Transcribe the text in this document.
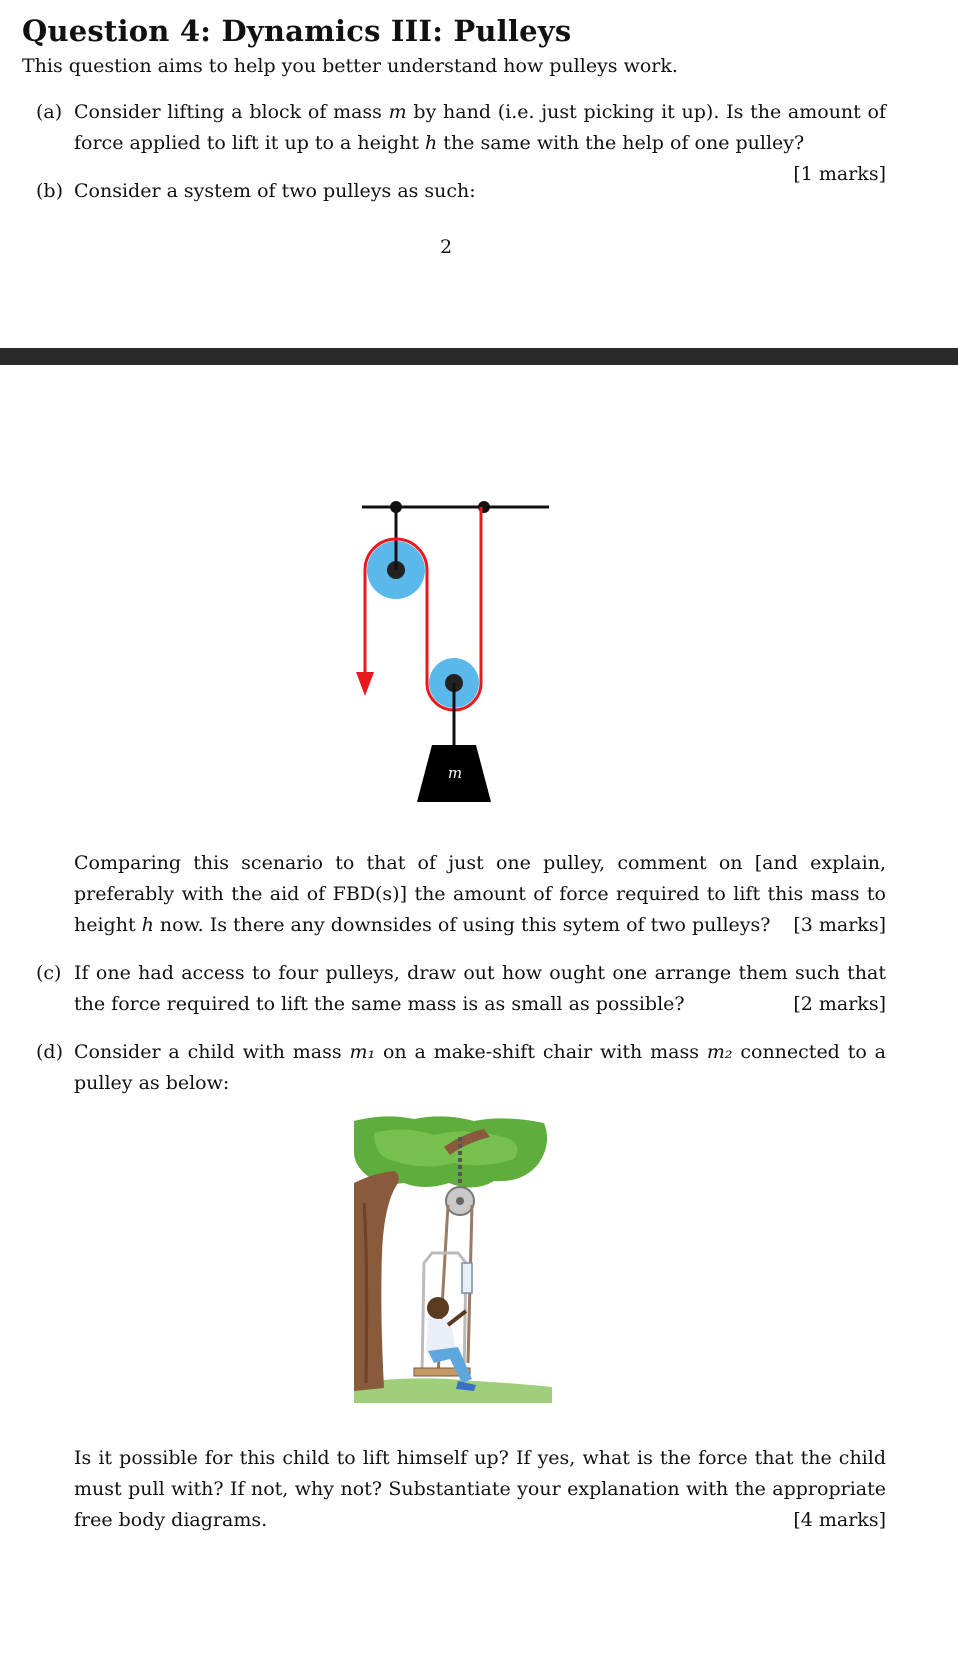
Question 4: Dynamics III: Pulleys
This question aims to help you better understand how pulleys work.
(a) Consider lifting a block of mass m by hand (i.e. just picking it up). Is the amount of force applied to lift it up to a height h the same with the help of one pulley?
[1 marks]
(b) Consider a system of two pulleys as such:
2
m
Comparing this scenario to that of just one pulley, comment on [and explain, preferably with the aid of FBD(s)] the amount of force required to lift this mass to height h now. Is there any downsides of using this sytem of two pulleys? [3 marks]
(c) If one had access to four pulleys, draw out how ought one arrange them such that the force required to lift the same mass is as small as possible?	[2 marks]
(d) Consider a child with mass m₁ on a make-shift chair with mass m₂ connected to a pulley as below:
Is it possible for this child to lift himself up? If yes, what is the force that the child must pull with? If not, why not? Substantiate your explanation with the appropriate free body diagrams.	[4 marks]
